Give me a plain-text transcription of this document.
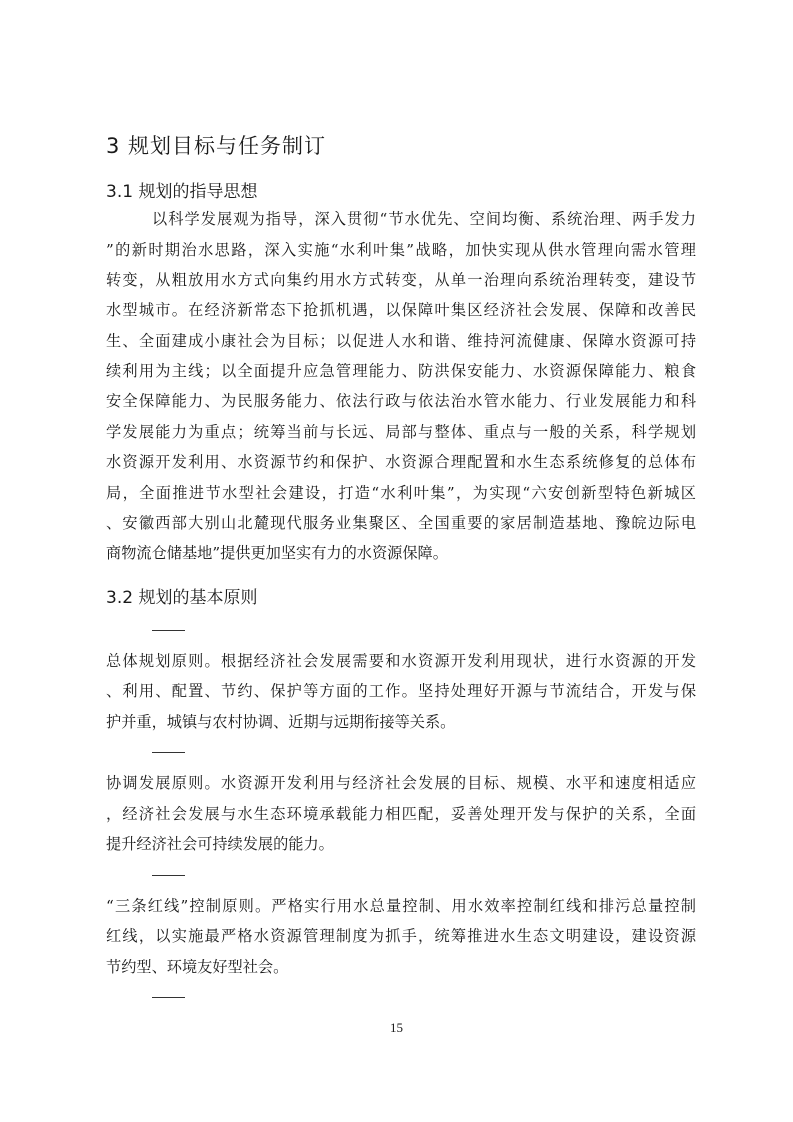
3 规划目标与任务制订
3.1 规划的指导思想
以科学发展观为指导，深入贯彻“节水优先、空间均衡、系统治理、两手发力
”的新时期治水思路，深入实施“水利叶集”战略，加快实现从供水管理向需水管理
转变，从粗放用水方式向集约用水方式转变，从单一治理向系统治理转变，建设节
水型城市。在经济新常态下抢抓机遇，以保障叶集区经济社会发展、保障和改善民
生、全面建成小康社会为目标；以促进人水和谐、维持河流健康、保障水资源可持
续利用为主线；以全面提升应急管理能力、防洪保安能力、水资源保障能力、粮食
安全保障能力、为民服务能力、依法行政与依法治水管水能力、行业发展能力和科
学发展能力为重点；统筹当前与长远、局部与整体、重点与一般的关系，科学规划
水资源开发利用、水资源节约和保护、水资源合理配置和水生态系统修复的总体布
局，全面推进节水型社会建设，打造“水利叶集”，为实现“六安创新型特色新城区
、安徽西部大别山北麓现代服务业集聚区、全国重要的家居制造基地、豫皖边际电
商物流仓储基地”提供更加坚实有力的水资源保障。
3.2 规划的基本原则
总体规划原则。根据经济社会发展需要和水资源开发利用现状，进行水资源的开发
、利用、配置、节约、保护等方面的工作。坚持处理好开源与节流结合，开发与保
护并重，城镇与农村协调、近期与远期衔接等关系。
协调发展原则。水资源开发利用与经济社会发展的目标、规模、水平和速度相适应
，经济社会发展与水生态环境承载能力相匹配，妥善处理开发与保护的关系，全面
提升经济社会可持续发展的能力。
“三条红线”控制原则。严格实行用水总量控制、用水效率控制红线和排污总量控制
红线，以实施最严格水资源管理制度为抓手，统筹推进水生态文明建设，建设资源
节约型、环境友好型社会。
15
